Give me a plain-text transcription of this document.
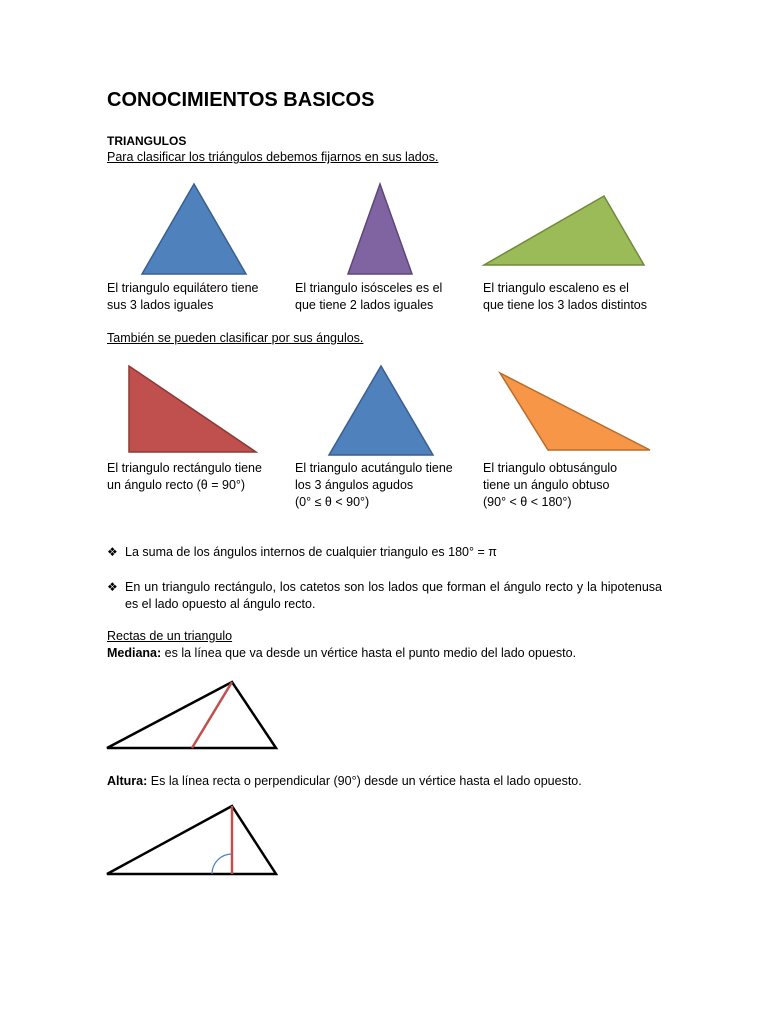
CONOCIMIENTOS BASICOS
TRIANGULOS
Para clasificar los triángulos debemos fijarnos en sus lados.
El triangulo equilátero tiene
sus 3 lados iguales
El triangulo isósceles es el
que tiene 2 lados iguales
El triangulo escaleno es el
que tiene los 3 lados distintos
También se pueden clasificar por sus ángulos.
El triangulo rectángulo tiene
un ángulo recto (θ = 90°)
El triangulo acutángulo tiene
los 3 ángulos agudos
(0° ≤ θ < 90°)
El triangulo obtusángulo
tiene un ángulo obtuso
(90° < θ < 180°)
❖ La suma de los ángulos internos de cualquier triangulo es 180° = π
❖ En un triangulo rectángulo, los catetos son los lados que forman el ángulo recto y la hipotenusa es el lado opuesto al ángulo recto.
Rectas de un triangulo
Mediana: es la línea que va desde un vértice hasta el punto medio del lado opuesto.
Altura: Es la línea recta o perpendicular (90°) desde un vértice hasta el lado opuesto.
